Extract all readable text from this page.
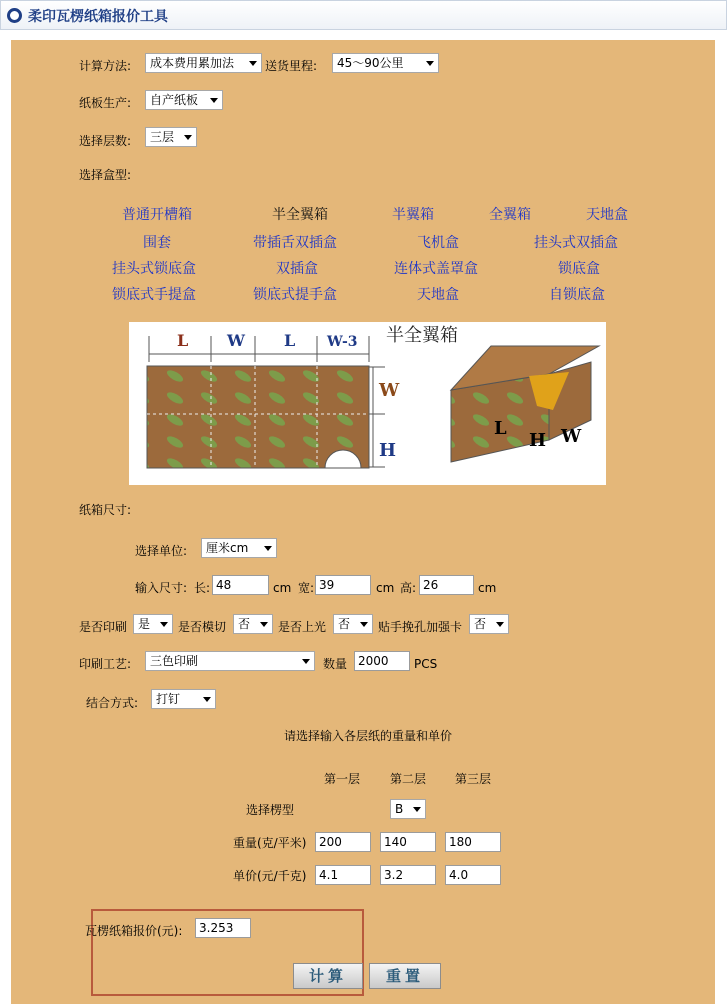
柔印瓦楞纸箱报价工具
计算方法:	成本费用累加法	送货里程:	45～90公里
纸板生产:	自产纸板
选择层数:	三层
选择盒型:
普通开槽箱	半全翼箱	半翼箱	全翼箱	天地盒
围套	带插舌双插盒	飞机盒	挂头式双插盒
挂头式锁底盒	双插盒	连体式盖罩盒	锁底盒
锁底式手提盒	锁底式提手盒	天地盒	自锁底盒
L W L W-3
W
H
半全翼箱
L
H W
纸箱尺寸:
选择单位:	厘米cm
输入尺寸: 长: 48	cm 宽: 39	cm 高: 26	cm
是否印刷 是	是否模切 否	是否上光 否	贴手挽孔加强卡 否
印刷工艺:	三色印刷	数量 2000	PCS
结合方式:	打钉
请选择输入各层纸的重量和单价
第一层 第二层 第三层
选择楞型	B
重量(克/平米)	200	140	180
单价(元/千克)	4.1	3.2	4.0
瓦楞纸箱报价(元):	3.253
计算	重置
